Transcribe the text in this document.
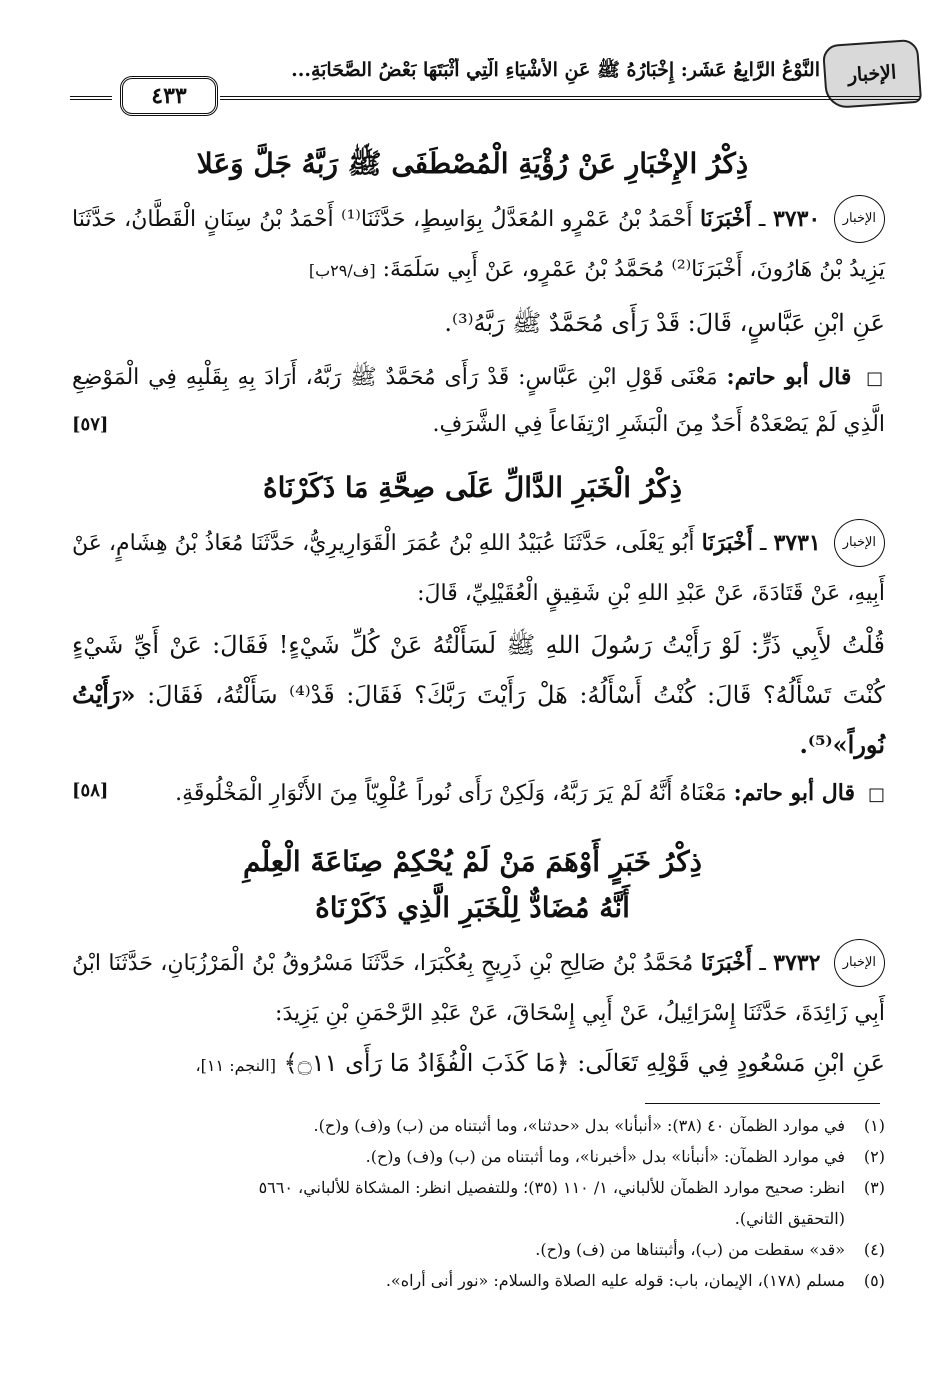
الإخبار
النَّوْعُ الرَّابِعُ عَشَر: إِخْبَارُهُ ﷺ عَنِ الأَشْيَاءِ الَّتِي أَثْبَتَهَا بَعْضُ الصَّحَابَةِ...
٤٣٣
ذِكْرُ الإِخْبَارِ عَنْ رُؤْيَةِ الْمُصْطَفَى ﷺ رَبَّهُ جَلَّ وَعَلا
الإخبار ٣٧٣٠ ـ أَخْبَرَنَا أَحْمَدُ بْنُ عَمْرٍو المُعَدَّلُ بِوَاسِطٍ، حَدَّثَنَا⁽¹⁾ أَحْمَدُ بْنُ سِنَانٍ الْقَطَّانُ، حَدَّثَنَا يَزِيدُ بْنُ هَارُونَ، أَخْبَرَنَا⁽²⁾ مُحَمَّدُ بْنُ عَمْرٍو، عَنْ أَبِي سَلَمَةَ: [ف/٢٩ب]
عَنِ ابْنِ عَبَّاسٍ، قَالَ: قَدْ رَأَى مُحَمَّدٌ ﷺ رَبَّهُ⁽³⁾.
□ قال أبو حاتم: مَعْنَى قَوْلِ ابْنِ عَبَّاسٍ: قَدْ رَأَى مُحَمَّدٌ ﷺ رَبَّهُ، أَرَادَ بِهِ بِقَلْبِهِ فِي الْمَوْضِعِ الَّذِي لَمْ يَصْعَدْهُ أَحَدٌ مِنَ الْبَشَرِ ارْتِفَاعاً فِي الشَّرَفِ.
[٥٧]
ذِكْرُ الْخَبَرِ الدَّالِّ عَلَى صِحَّةِ مَا ذَكَرْنَاهُ
الإخبار ٣٧٣١ ـ أَخْبَرَنَا أَبُو يَعْلَى، حَدَّثَنَا عُبَيْدُ اللهِ بْنُ عُمَرَ الْقَوَارِيرِيُّ، حَدَّثَنَا مُعَاذُ بْنُ هِشَامٍ، عَنْ أَبِيهِ، عَنْ قَتَادَةَ، عَنْ عَبْدِ اللهِ بْنِ شَقِيقٍ الْعُقَيْلِيِّ، قَالَ:
قُلْتُ لأَبِي ذَرٍّ: لَوْ رَأَيْتُ رَسُولَ اللهِ ﷺ لَسَأَلْتُهُ عَنْ كُلِّ شَيْءٍ! فَقَالَ: عَنْ أَيِّ شَيْءٍ كُنْتَ تَسْأَلُهُ؟ قَالَ: كُنْتُ أَسْأَلُهُ: هَلْ رَأَيْتَ رَبَّكَ؟ فَقَالَ: قَدْ⁽⁴⁾ سَأَلْتُهُ، فَقَالَ: «رَأَيْتُ نُوراً»⁽⁵⁾.
□ قال أبو حاتم: مَعْنَاهُ أَنَّهُ لَمْ يَرَ رَبَّهُ، وَلَكِنْ رَأَى نُوراً عُلْوِيّاً مِنَ الأَنْوَارِ الْمَخْلُوقَةِ.
[٥٨]
ذِكْرُ خَبَرٍ أَوْهَمَ مَنْ لَمْ يُحْكِمْ صِنَاعَةَ الْعِلْمِ
أَنَّهُ مُضَادٌّ لِلْخَبَرِ الَّذِي ذَكَرْنَاهُ
الإخبار ٣٧٣٢ ـ أَخْبَرَنَا مُحَمَّدُ بْنُ صَالِحِ بْنِ ذَرِيحٍ بِعُكْبَرَا، حَدَّثَنَا مَسْرُوقُ بْنُ الْمَرْزُبَانِ، حَدَّثَنَا ابْنُ أَبِي زَائِدَةَ، حَدَّثَنَا إِسْرَائِيلُ، عَنْ أَبِي إِسْحَاقَ، عَنْ عَبْدِ الرَّحْمَنِ بْنِ يَزِيدَ:
عَنِ ابْنِ مَسْعُودٍ فِي قَوْلِهِ تَعَالَى: ﴿مَا كَذَبَ الْفُؤَادُ مَا رَأَى ۝١١﴾ [النجم: ١١]،
(١)في موارد الظمآن ٤٠ (٣٨): «أنبأنا» بدل «حدثنا»، وما أثبتناه من (ب) و(ف) و(ح).
(٢)في موارد الظمآن: «أنبأنا» بدل «أخبرنا»، وما أثبتناه من (ب) و(ف) و(ح).
(٣)انظر: صحيح موارد الظمآن للألباني، ١/ ١١٠ (٣٥)؛ وللتفصيل انظر: المشكاة للألباني، ٥٦٦٠
(التحقيق الثاني).
(٤)«قد» سقطت من (ب)، وأثبتناها من (ف) و(ح).
(٥)مسلم (١٧٨)، الإيمان، باب: قوله عليه الصلاة والسلام: «نور أنى أراه».
